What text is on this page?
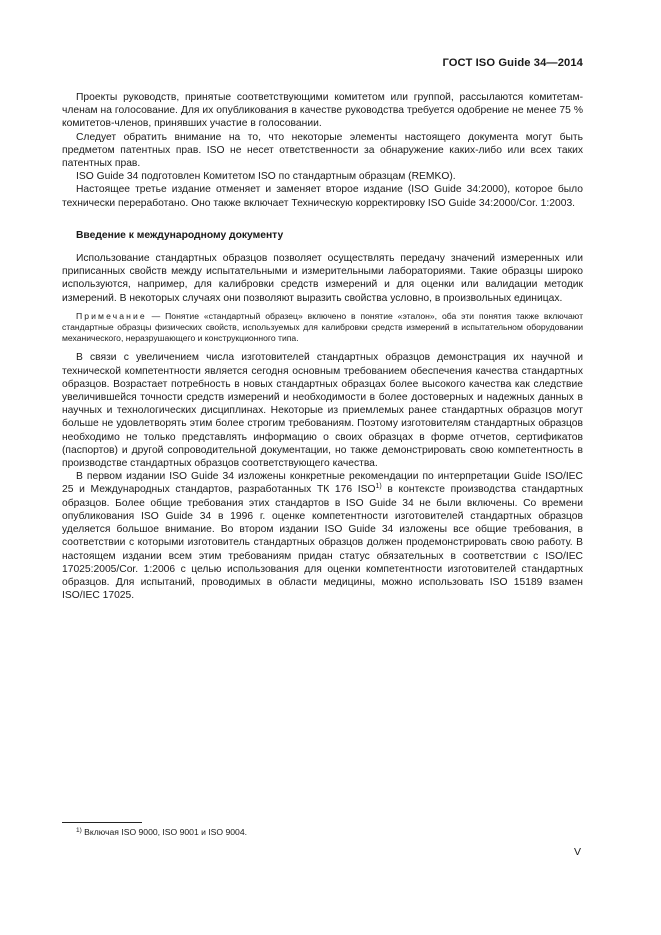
ГОСТ ISO Guide 34—2014

Проекты руководств, принятые соответствующими комитетом или группой, рассылаются комитетам-членам на голосование. Для их опубликования в качестве руководства требуется одобрение не менее 75 % комитетов-членов, принявших участие в голосовании.

Следует обратить внимание на то, что некоторые элементы настоящего документа могут быть предметом патентных прав. ISO не несет ответственности за обнаружение каких-либо или всех таких патентных прав.

ISO Guide 34 подготовлен Комитетом ISO по стандартным образцам (REMKO).

Настоящее третье издание отменяет и заменяет второе издание (ISO Guide 34:2000), которое было технически переработано. Оно также включает Техническую корректировку ISO Guide 34:2000/Cor. 1:2003.

Введение к международному документу

Использование стандартных образцов позволяет осуществлять передачу значений измеренных или приписанных свойств между испытательными и измерительными лабораториями. Такие образцы широко используются, например, для калибровки средств измерений и для оценки или валидации методик измерений. В некоторых случаях они позволяют выразить свойства условно, в произвольных единицах.

Примечание — Понятие «стандартный образец» включено в понятие «эталон», оба эти понятия также включают стандартные образцы физических свойств, используемых для калибровки средств измерений в испытательном оборудовании механического, неразрушающего и конструкционного типа.

В связи с увеличением числа изготовителей стандартных образцов демонстрация их научной и технической компетентности является сегодня основным требованием обеспечения качества стандартных образцов. Возрастает потребность в новых стандартных образцах более высокого качества как следствие увеличившейся точности средств измерений и необходимости в более достоверных и надежных данных в научных и технологических дисциплинах. Некоторые из приемлемых ранее стандартных образцов могут больше не удовлетворять этим более строгим требованиям. Поэтому изготовителям стандартных образцов необходимо не только представлять информацию о своих образцах в форме отчетов, сертификатов (паспортов) и другой сопроводительной документации, но также демонстрировать свою компетентность в производстве стандартных образцов соответствующего качества.

В первом издании ISO Guide 34 изложены конкретные рекомендации по интерпретации Guide ISO/IEC 25 и Международных стандартов, разработанных ТК 176 ISO$^{1)}$ в контексте производства стандартных образцов. Более общие требования этих стандартов в ISO Guide 34 не были включены. Со времени опубликования ISO Guide 34 в 1996 г. оценке компетентности изготовителей стандартных образцов уделяется большое внимание. Во втором издании ISO Guide 34 изложены все общие требования, в соответствии с которыми изготовитель стандартных образцов должен продемонстрировать свою работу. В настоящем издании всем этим требованиям придан статус обязательных в соответствии с ISO/IEC 17025:2005/Cor. 1:2006 с целью использования для оценки компетентности изготовителей стандартных образцов. Для испытаний, проводимых в области медицины, можно использовать ISO 15189 взамен ISO/IEC 17025.

$^{1)}$ Включая ISO 9000, ISO 9001 и ISO 9004.
V
